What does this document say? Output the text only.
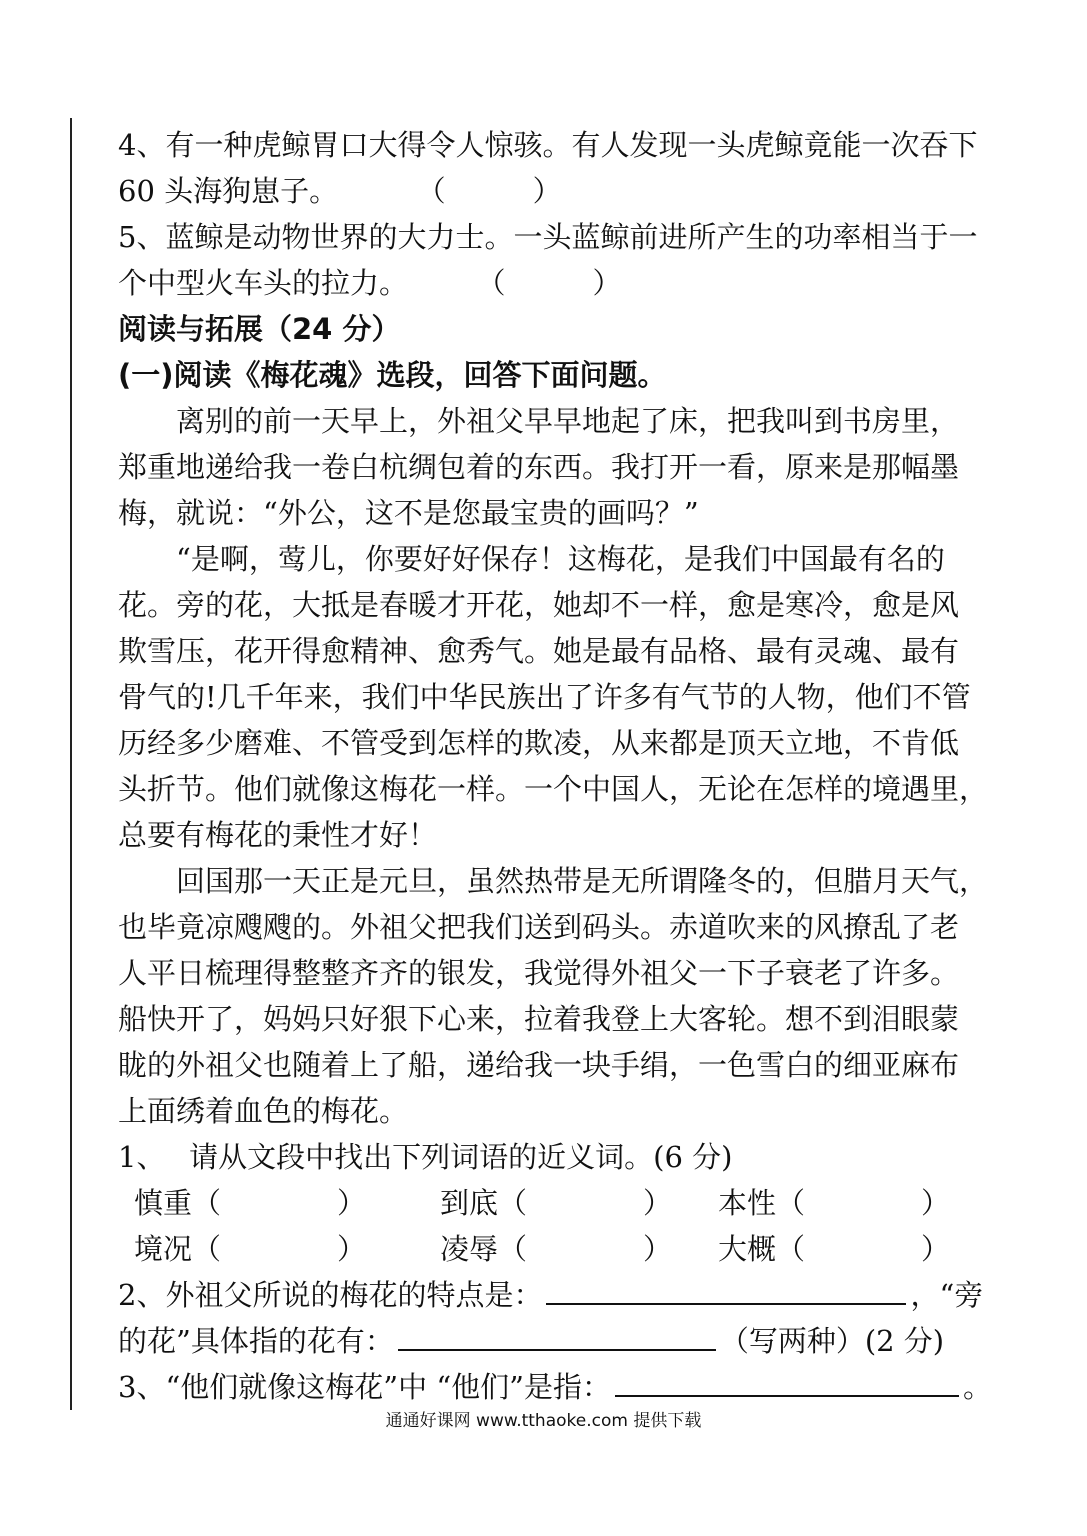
4、有一种虎鲸胃口大得令人惊骇。有人发现一头虎鲸竟能一次吞下
60 头海狗崽子。	（　　　）
5、蓝鲸是动物世界的大力士。一头蓝鲸前进所产生的功率相当于一
个中型火车头的拉力。 （　　　）
阅读与拓展（24 分）
(一)阅读《梅花魂》选段，回答下面问题。
离别的前一天早上，外祖父早早地起了床，把我叫到书房里，
郑重地递给我一卷白杭绸包着的东西。我打开一看，原来是那幅墨
梅，就说：“外公，这不是您最宝贵的画吗？”
“是啊，莺儿，你要好好保存！这梅花，是我们中国最有名的
花。旁的花，大抵是春暖才开花，她却不一样，愈是寒冷，愈是风
欺雪压，花开得愈精神、愈秀气。她是最有品格、最有灵魂、最有
骨气的!几千年来，我们中华民族出了许多有气节的人物，他们不管
历经多少磨难、不管受到怎样的欺凌，从来都是顶天立地，不肯低
头折节。他们就像这梅花一样。一个中国人，无论在怎样的境遇里，
总要有梅花的秉性才好！
回国那一天正是元旦，虽然热带是无所谓隆冬的，但腊月天气，
也毕竟凉飕飕的。外祖父把我们送到码头。赤道吹来的风撩乱了老
人平日梳理得整整齐齐的银发，我觉得外祖父一下子衰老了许多。
船快开了，妈妈只好狠下心来，拉着我登上大客轮。想不到泪眼蒙
眬的外祖父也随着上了船，递给我一块手绢，一色雪白的细亚麻布
上面绣着血色的梅花。
1、　 请从文段中找出下列词语的近义词。(6 分)
慎重（　　　　）	到底（　　　　）	本性（　　　　）
境况（　　　　）	凌辱（　　　　）	大概（　　　　）
2、外祖父所说的梅花的特点是：	，“旁
的花”具体指的花有：	（写两种）(2 分)
3、“他们就像这梅花”中 “他们”是指：	。
通通好课网 www.tthaoke.com 提供下载
